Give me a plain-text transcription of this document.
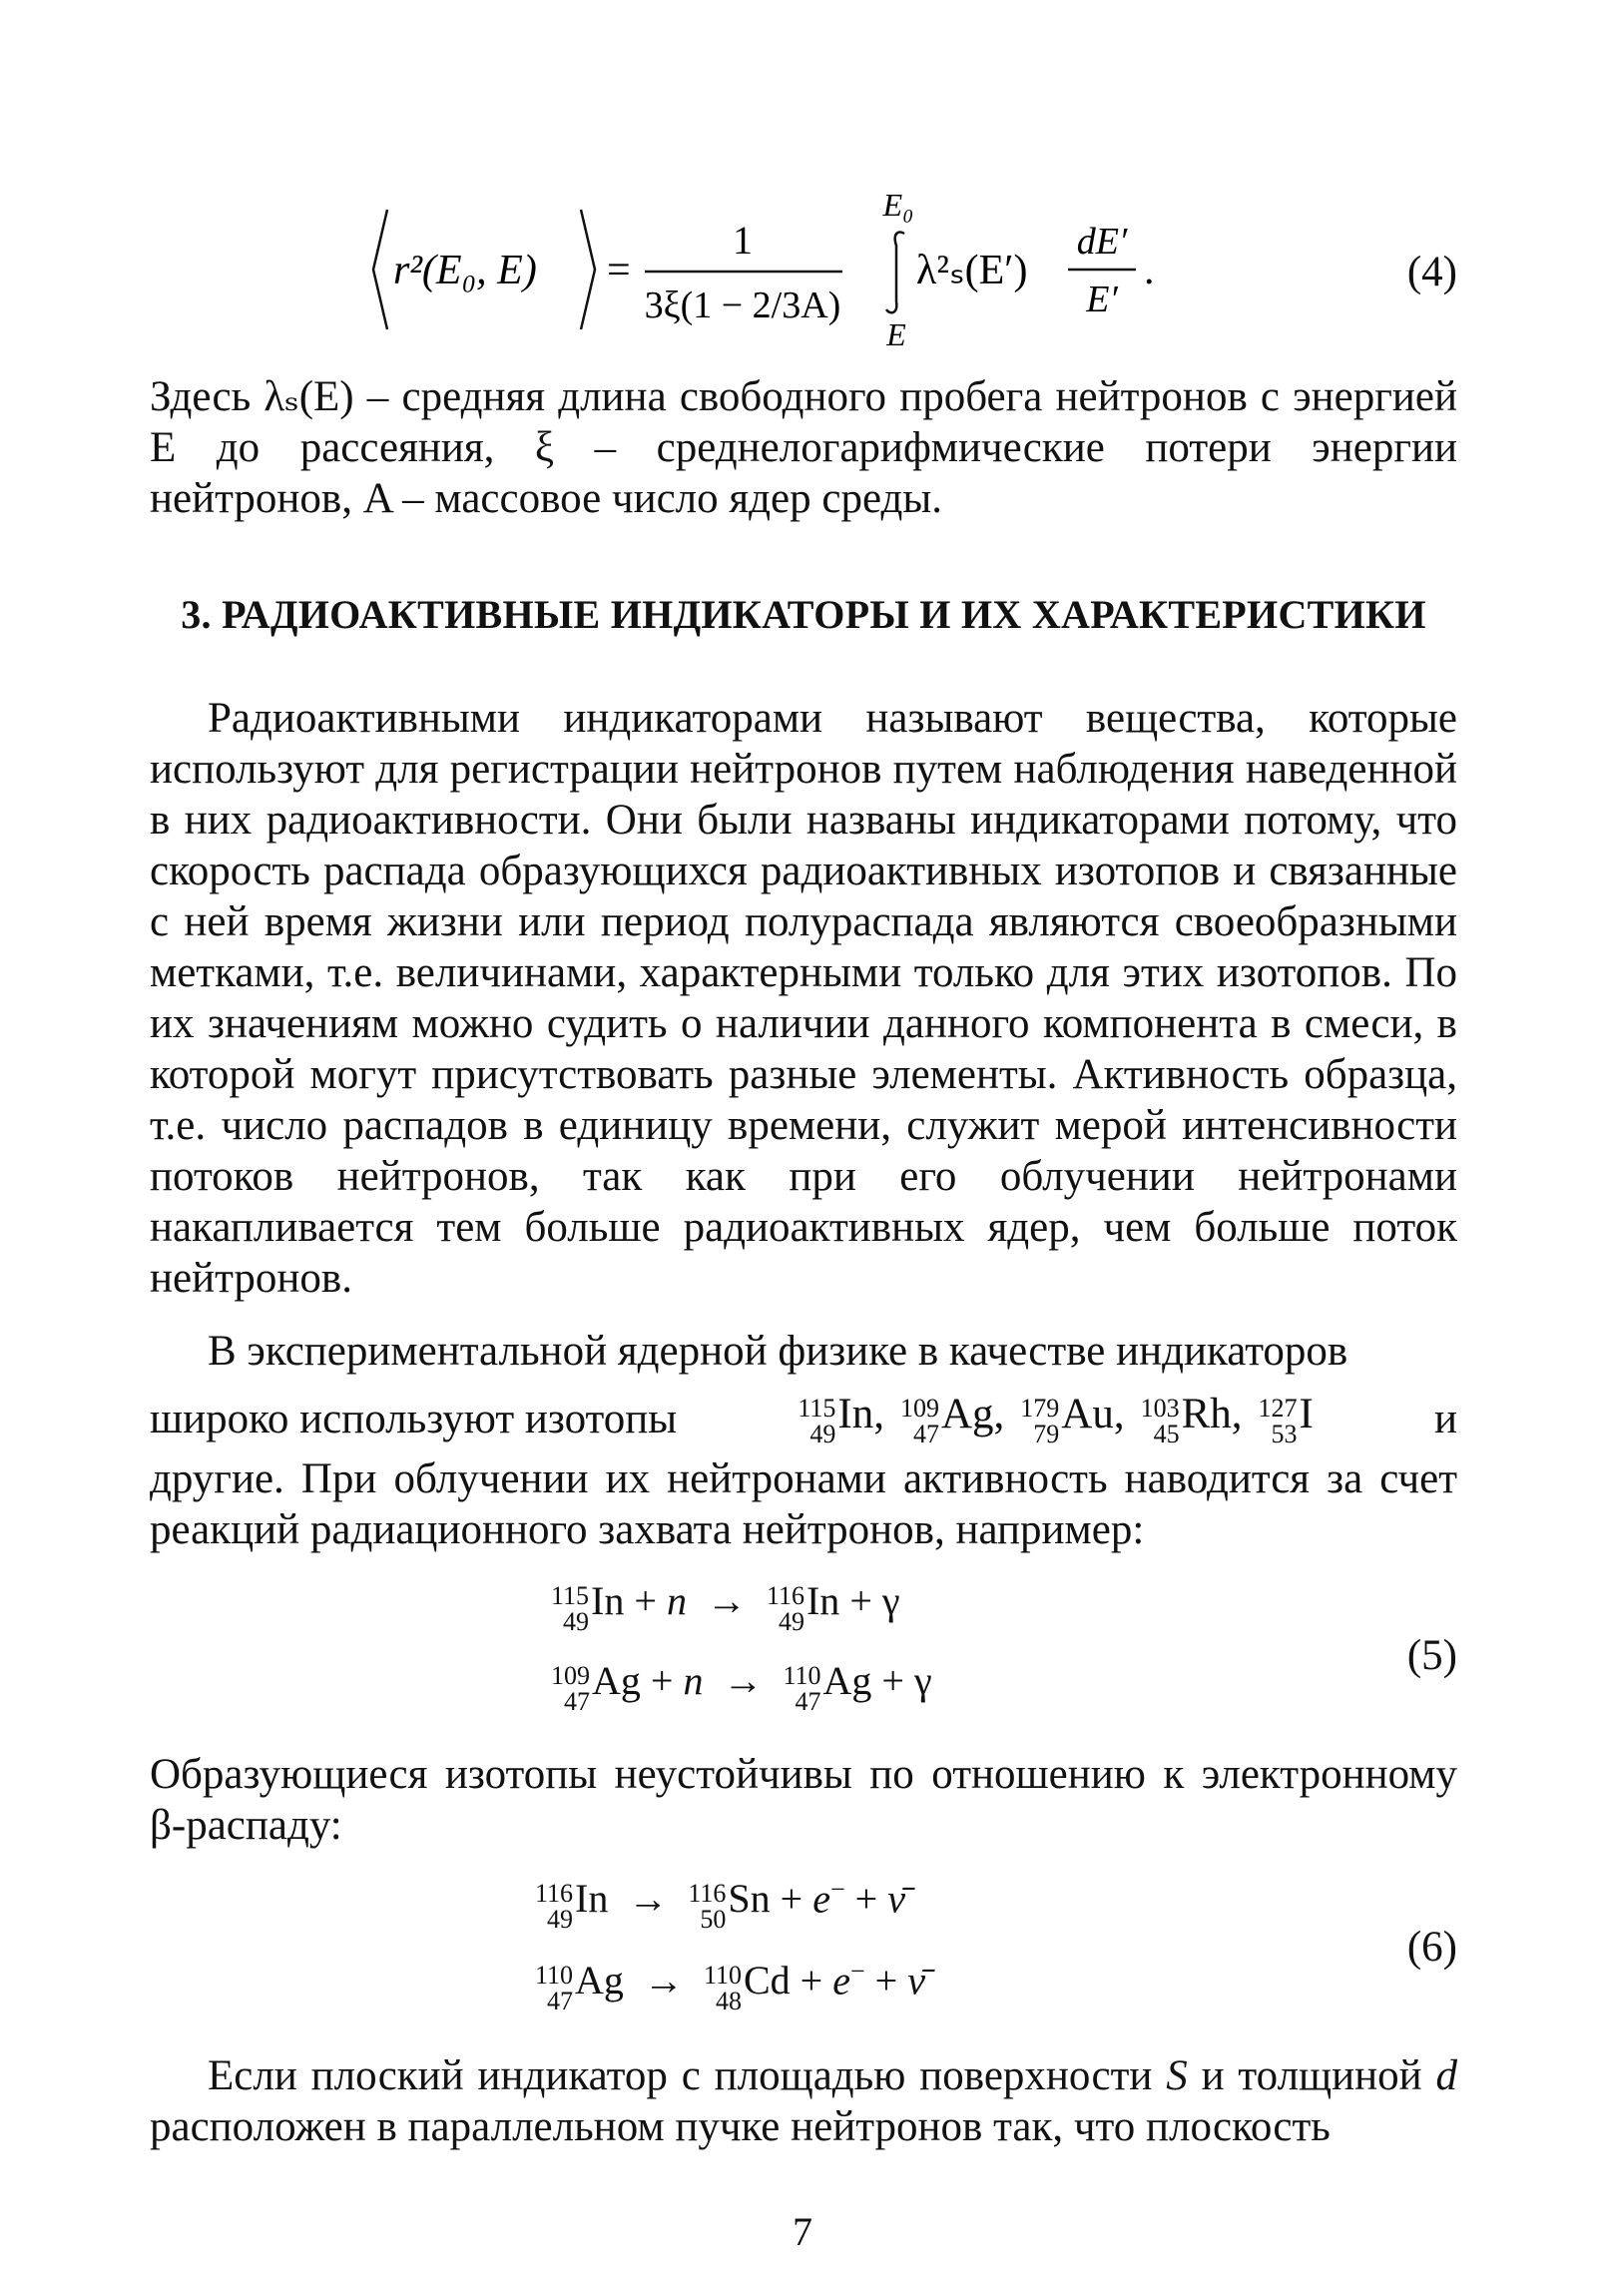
r²(E₀, E) =
1
3ξ(1 − 2/3A)
E₀
E
λ²ₛ(E′)
dE′
E′
.	(4)

Здесь λₛ(E) – средняя длина свободного пробега нейтронов с энергией E до рассеяния, ξ – среднелогарифмические потери энергии нейтронов, A – массовое число ядер среды.

3. РАДИОАКТИВНЫЕ ИНДИКАТОРЫ И ИХ ХАРАКТЕРИСТИКИ

Радиоактивными индикаторами называют вещества, которые используют для регистрации нейтронов путем наблюдения наведенной в них радиоактивности. Они были названы индикаторами потому, что скорость распада образующихся радиоактивных изотопов и связанные с ней время жизни или период полураспада являются своеобразными метками, т.е. величинами, характерными только для этих изотопов. По их значениям можно судить о наличии данного компонента в смеси, в которой могут присутствовать разные элементы. Активность образца, т.е. число распадов в единицу времени, служит мерой интенсивности потоков нейтронов, так как при его облучении нейтронами накапливается тем больше радиоактивных ядер, чем больше поток нейтронов.

В экспериментальной ядерной физике в качестве индикаторов

широко используют изотопы	115
49 In, 109
47 Ag, 179
79 Au, 103
45 Rh, 127
53 I	и

другие. При облучении их нейтронами активность наводится за счет реакций радиационного захвата нейтронов, например:

115
49 In + n → 116
49 In + γ
109
47 Ag + n → 110
47 Ag + γ
(5)

Образующиеся изотопы неустойчивы по отношению к электронному β-распаду:

116
49 In → 116
50 Sn + e− + ν̄
110
47 Ag → 110
48 Cd + e− + ν̄
(6)

Если плоский индикатор с площадью поверхности S и толщиной d расположен в параллельном пучке нейтронов так, что плоскость

7
